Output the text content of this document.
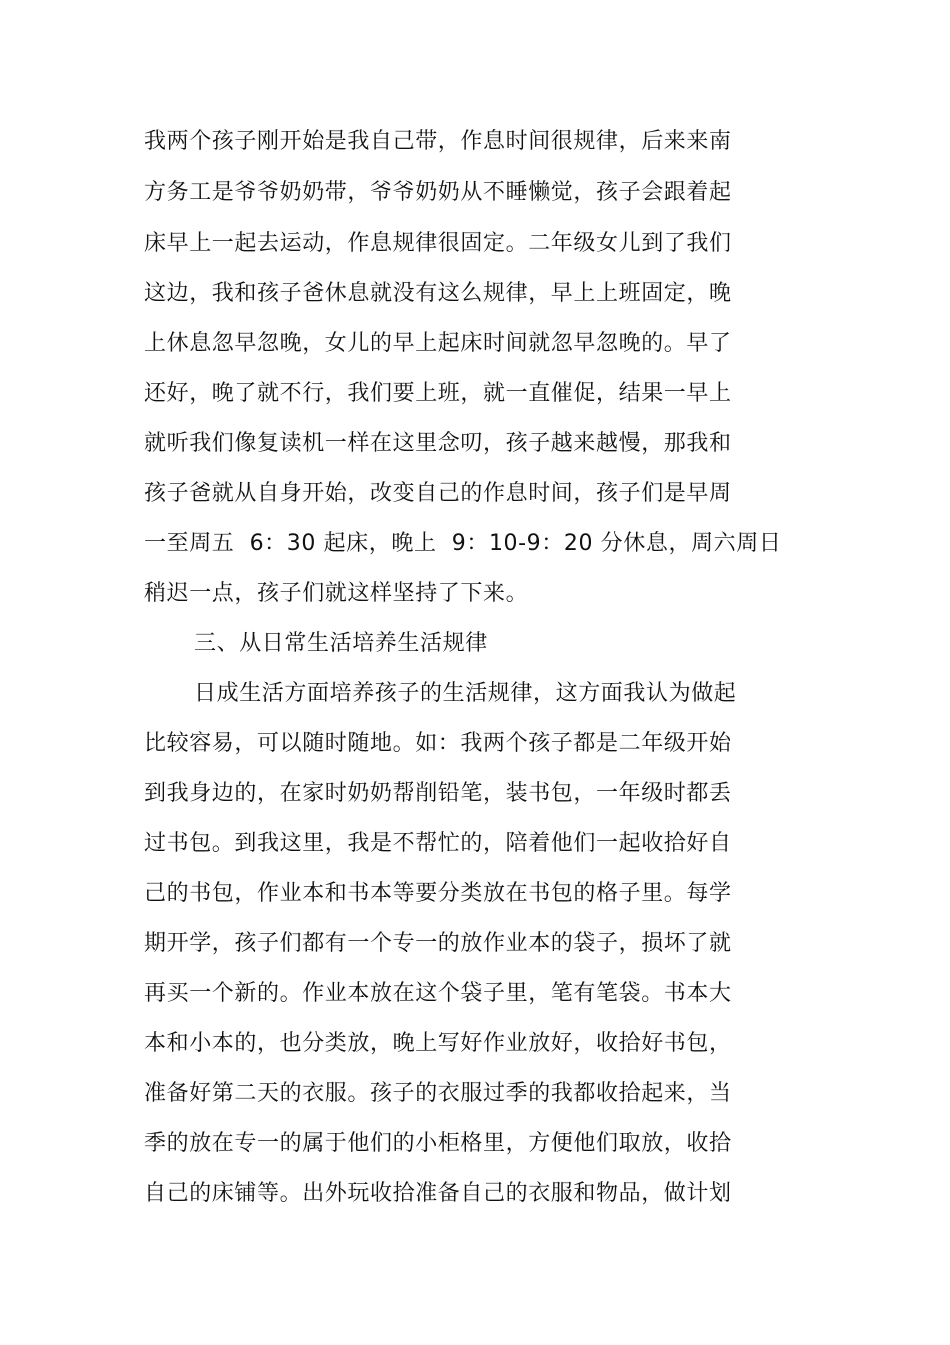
我两个孩子刚开始是我自己带，作息时间很规律，后来来南
方务工是爷爷奶奶带，爷爷奶奶从不睡懒觉，孩子会跟着起
床早上一起去运动，作息规律很固定。二年级女儿到了我们
这边，我和孩子爸休息就没有这么规律，早上上班固定，晚
上休息忽早忽晚，女儿的早上起床时间就忽早忽晚的。早了
还好，晚了就不行，我们要上班，就一直催促，结果一早上
就听我们像复读机一样在这里念叨，孩子越来越慢，那我和
孩子爸就从自身开始，改变自己的作息时间，孩子们是早周
一至周五  6：30 起床，晚上  9：10-9：20 分休息，周六周日
稍迟一点，孩子们就这样坚持了下来。
三、从日常生活培养生活规律
日成生活方面培养孩子的生活规律，这方面我认为做起
比较容易，可以随时随地。如：我两个孩子都是二年级开始
到我身边的，在家时奶奶帮削铅笔，装书包，一年级时都丢
过书包。到我这里，我是不帮忙的，陪着他们一起收拾好自
己的书包，作业本和书本等要分类放在书包的格子里。每学
期开学，孩子们都有一个专一的放作业本的袋子，损坏了就
再买一个新的。作业本放在这个袋子里，笔有笔袋。书本大
本和小本的，也分类放，晚上写好作业放好，收拾好书包，
准备好第二天的衣服。孩子的衣服过季的我都收拾起来，当
季的放在专一的属于他们的小柜格里，方便他们取放，收拾
自己的床铺等。出外玩收拾准备自己的衣服和物品，做计划
